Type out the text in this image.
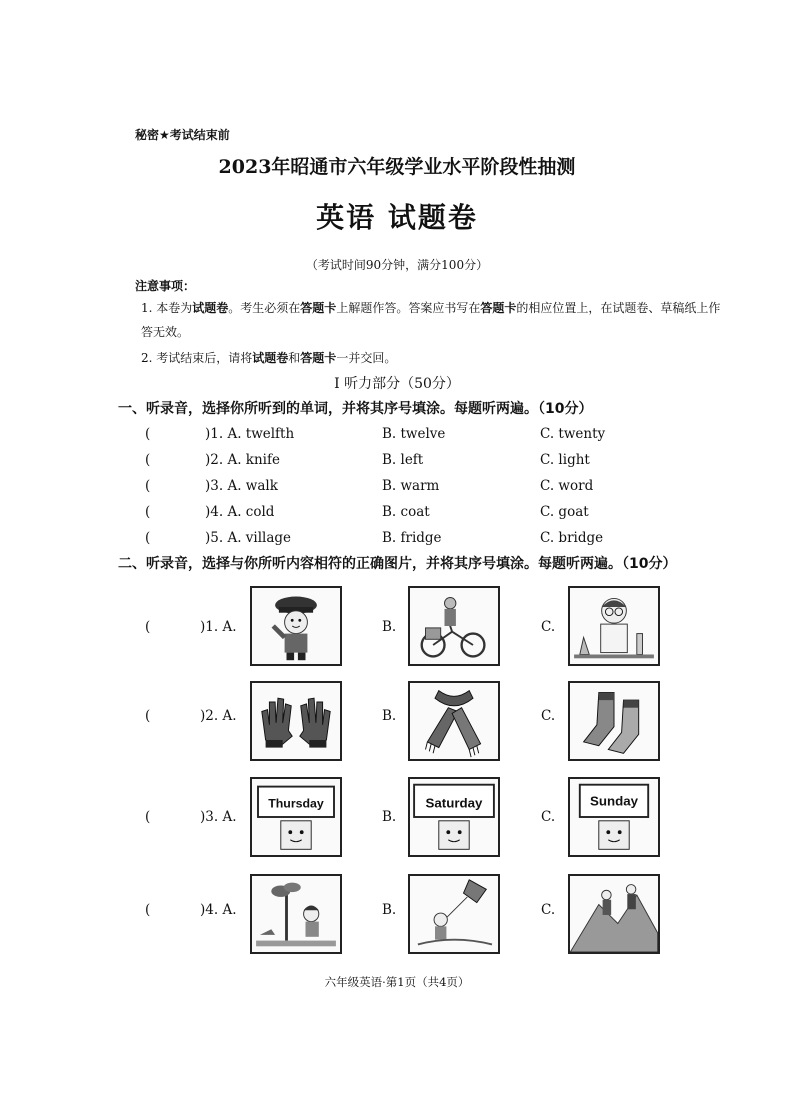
秘密★考试结束前
2023年昭通市六年级学业水平阶段性抽测
英语 试题卷
（考试时间90分钟，满分100分）
注意事项：
1. 本卷为试题卷。考生必须在答题卡上解题作答。答案应书写在答题卡的相应位置上，在试题卷、草稿纸上作答无效。
2. 考试结束后，请将试题卷和答题卡一并交回。
Ⅰ 听力部分（50分）
一、听录音，选择你所听到的单词，并将其序号填涂。每题听两遍。（10分）
(	)1. A. twelfth	B. twelve	C. twenty
(	)2. A. knife	B. left	C. light
(	)3. A. walk	B. warm	C. word
(	)4. A. cold	B. coat	C. goat
(	)5. A. village	B. fridge	C. bridge
二、听录音，选择与你所听内容相符的正确图片，并将其序号填涂。每题听两遍。（10分）
(	)1. A.	B.	C.
(	)2. A.	B.	C.
(	)3. A.	B.	C.
Thursday	Saturday	Sunday
(	)4. A.	B.	C.
六年级英语·第1页（共4页）
